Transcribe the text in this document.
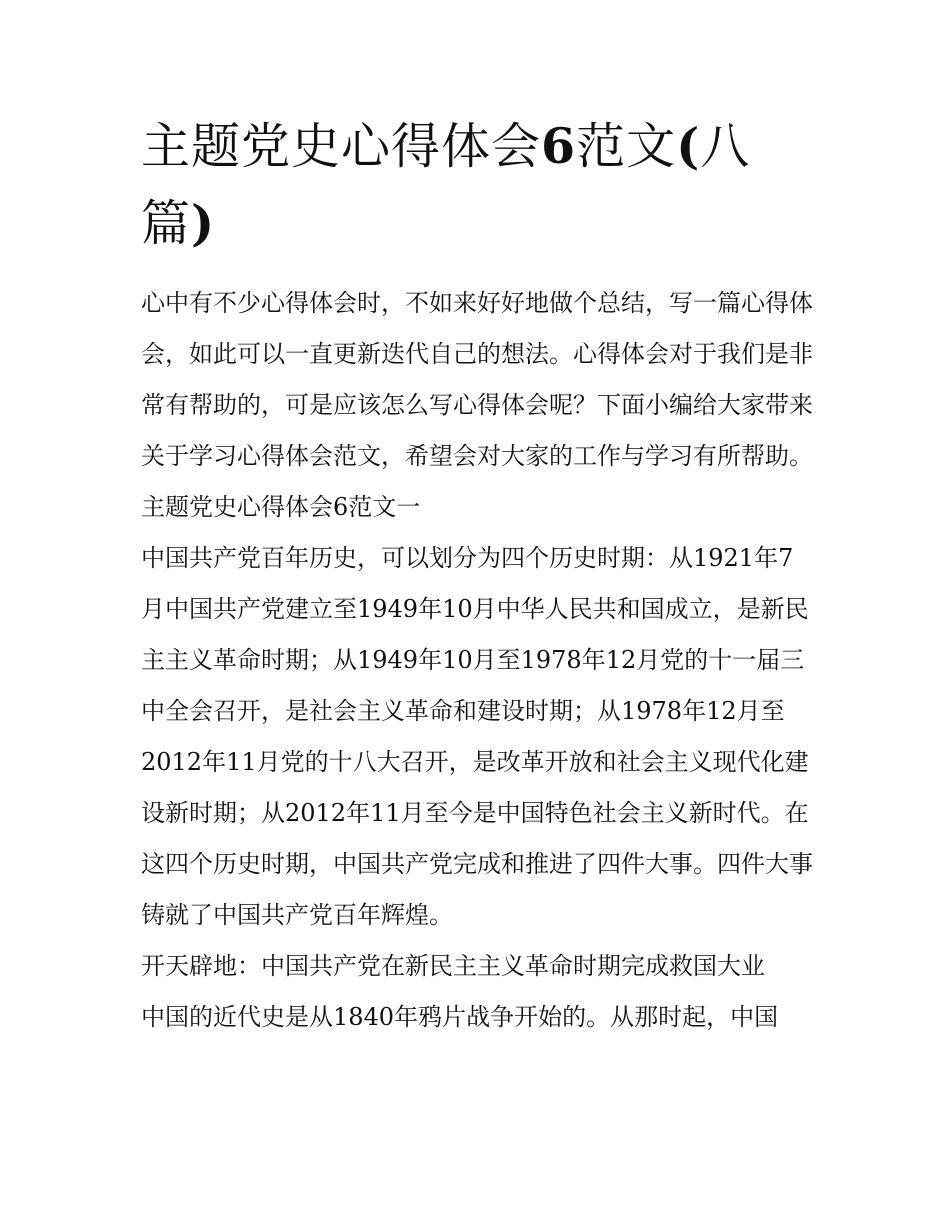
主题党史心得体会6范文(八篇)

心中有不少心得体会时，不如来好好地做个总结，写一篇心得体会，如此可以一直更新迭代自己的想法。心得体会对于我们是非常有帮助的，可是应该怎么写心得体会呢？下面小编给大家带来关于学习心得体会范文，希望会对大家的工作与学习有所帮助。

主题党史心得体会6范文一

中国共产党百年历史，可以划分为四个历史时期：从1921年7月中国共产党建立至1949年10月中华人民共和国成立，是新民主主义革命时期；从1949年10月至1978年12月党的十一届三中全会召开，是社会主义革命和建设时期；从1978年12月至2012年11月党的十八大召开，是改革开放和社会主义现代化建设新时期；从2012年11月至今是中国特色社会主义新时代。在这四个历史时期，中国共产党完成和推进了四件大事。四件大事铸就了中国共产党百年辉煌。

开天辟地：中国共产党在新民主主义革命时期完成救国大业

中国的近代史是从1840年鸦片战争开始的。从那时起，中国
